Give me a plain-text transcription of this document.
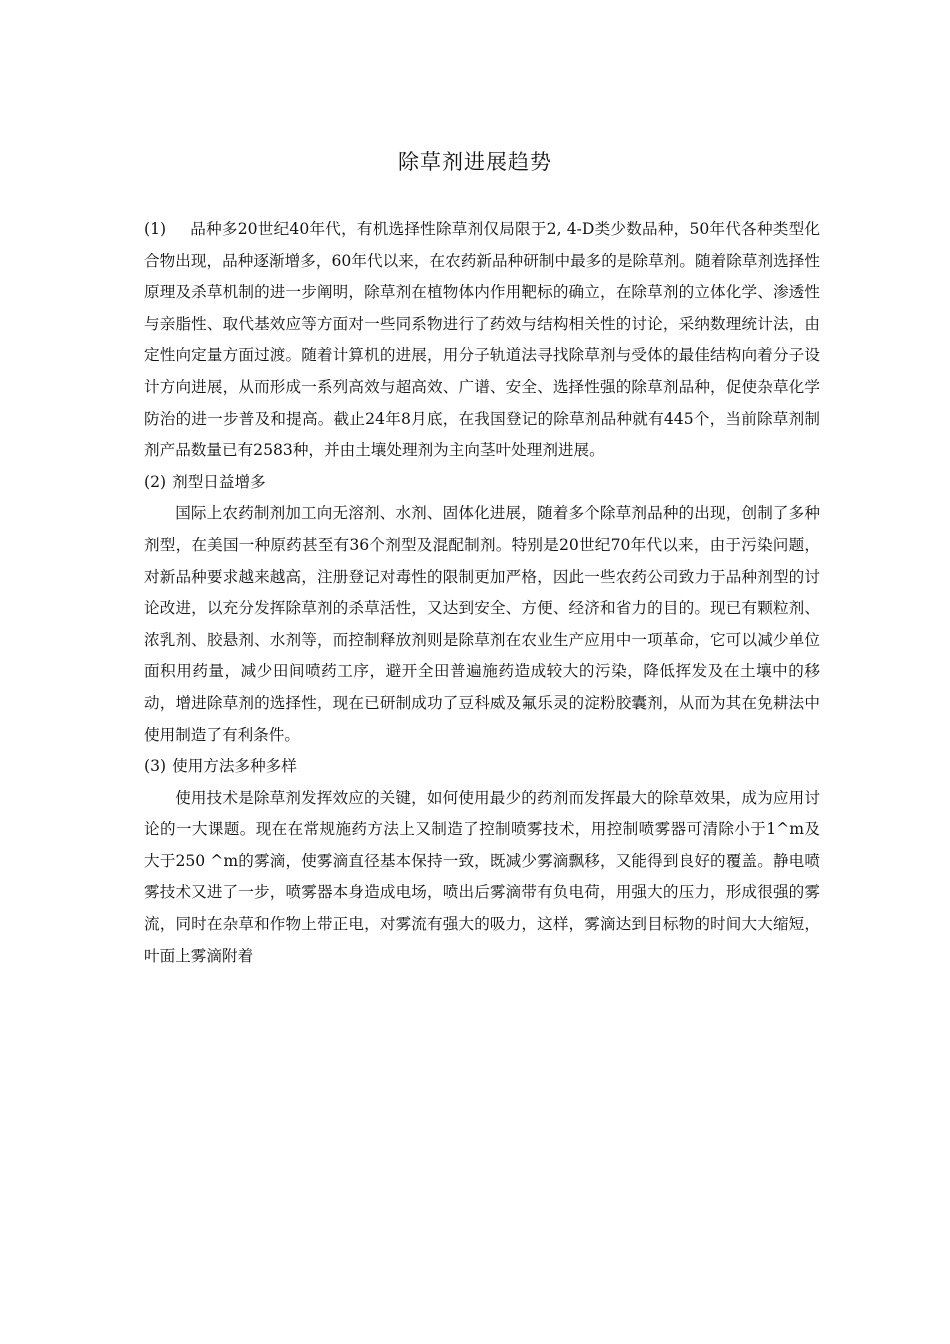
除草剂进展趋势

(1) 品种多20世纪40年代，有机选择性除草剂仅局限于2, 4-D类少数品种，50年代各种类型化合物出现，品种逐渐增多，60年代以来，在农药新品种研制中最多的是除草剂。随着除草剂选择性原理及杀草机制的进一步阐明，除草剂在植物体内作用靶标的确立，在除草剂的立体化学、渗透性与亲脂性、取代基效应等方面对一些同系物进行了药效与结构相关性的讨论，采纳数理统计法，由定性向定量方面过渡。随着计算机的进展，用分子轨道法寻找除草剂与受体的最佳结构向着分子设计方向进展，从而形成一系列高效与超高效、广谱、安全、选择性强的除草剂品种，促使杂草化学防治的进一步普及和提高。截止24年8月底，在我国登记的除草剂品种就有445个，当前除草剂制剂产品数量已有2583种，并由土壤处理剂为主向茎叶处理剂进展。

(2) 剂型日益增多

国际上农药制剂加工向无溶剂、水剂、固体化进展，随着多个除草剂品种的出现，创制了多种剂型，在美国一种原药甚至有36个剂型及混配制剂。特别是20世纪70年代以来，由于污染问题，对新品种要求越来越高，注册登记对毒性的限制更加严格，因此一些农药公司致力于品种剂型的讨论改进，以充分发挥除草剂的杀草活性，又达到安全、方便、经济和省力的目的。现已有颗粒剂、浓乳剂、胶悬剂、水剂等，而控制释放剂则是除草剂在农业生产应用中一项革命，它可以减少单位面积用药量，减少田间喷药工序，避开全田普遍施药造成较大的污染，降低挥发及在土壤中的移动，增进除草剂的选择性，现在已研制成功了豆科威及氟乐灵的淀粉胶囊剂，从而为其在免耕法中使用制造了有利条件。

(3) 使用方法多种多样

使用技术是除草剂发挥效应的关键，如何使用最少的药剂而发挥最大的除草效果，成为应用讨论的一大课题。现在在常规施药方法上又制造了控制喷雾技术，用控制喷雾器可清除小于1^m及大于250 ^m的雾滴，使雾滴直径基本保持一致，既减少雾滴飘移，又能得到良好的覆盖。静电喷雾技术又进了一步，喷雾器本身造成电场，喷出后雾滴带有负电荷，用强大的压力，形成很强的雾流，同时在杂草和作物上带正电，对雾流有强大的吸力，这样，雾滴达到目标物的时间大大缩短，叶面上雾滴附着
